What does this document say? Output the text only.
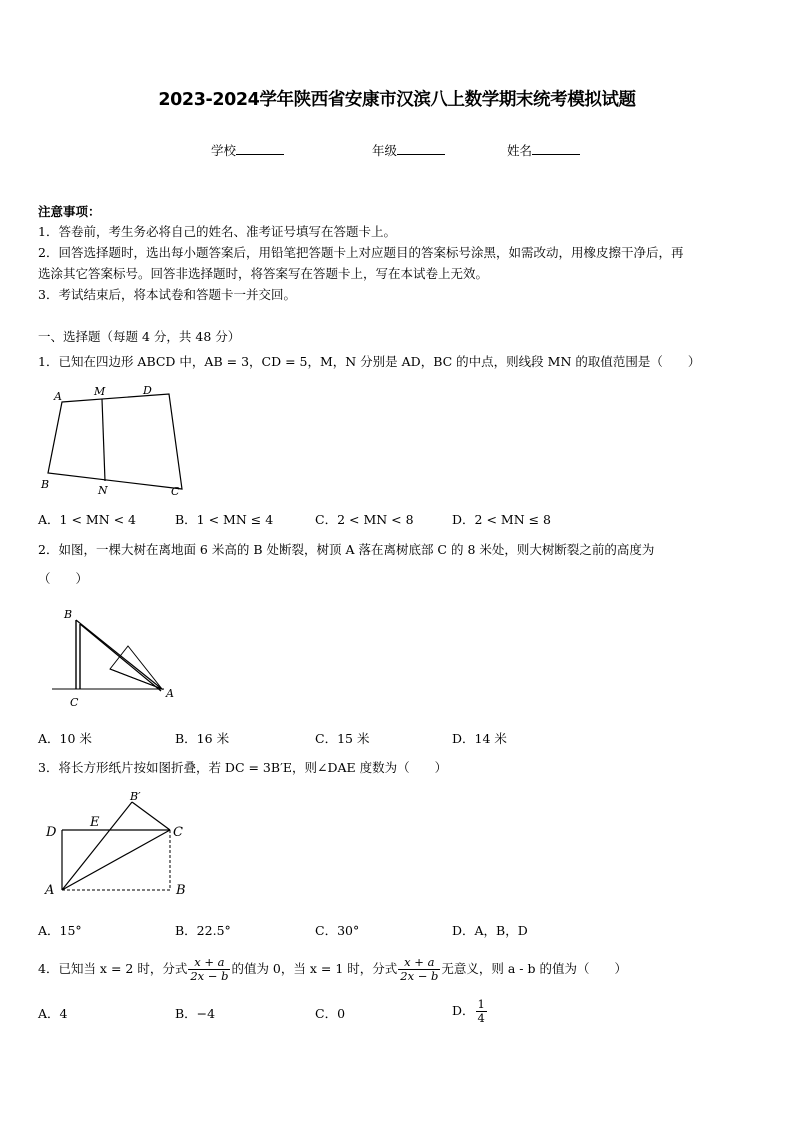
2023-2024学年陕西省安康市汉滨八上数学期末统考模拟试题
学校	年级	姓名
注意事项：
1．答卷前，考生务必将自己的姓名、准考证号填写在答题卡上。
2．回答选择题时，选出每小题答案后，用铅笔把答题卡上对应题目的答案标号涂黑，如需改动，用橡皮擦干净后，再
选涂其它答案标号。回答非选择题时，将答案写在答题卡上，写在本试卷上无效。
3．考试结束后，将本试卷和答题卡一并交回。
一、选择题（每题 4 分，共 48 分）
1．已知在四边形 ABCD 中，AB = 3，CD = 5，M，N 分别是 AD，BC 的中点，则线段 MN 的取值范围是（　　）
A	M	D
B	N	C
A．1 < MN < 4	B．1 < MN ≤ 4	C．2 < MN < 8	D．2 < MN ≤ 8
2．如图，一棵大树在离地面 6 米高的 B 处断裂，树顶 A 落在离树底部 C 的 8 米处，则大树断裂之前的高度为
（　　）
B
C
A
A．10 米	B．16 米	C．15 米	D．14 米
3．将长方形纸片按如图折叠，若 DC = 3B′E，则∠DAE 度数为（　　）
B′
D
E
C
A	B
A．15°	B．22.5°	C．30°	D．A，B，D
4．已知当 x = 2 时，分式 $\frac{x + a}{2x - b}$ 的值为 0，当 x = 1 时，分式 $\frac{x + a}{2x - b}$ 无意义，则 a - b 的值为（　　）
A．4	B．−4	C．0	D． $\frac{1}{4}$
